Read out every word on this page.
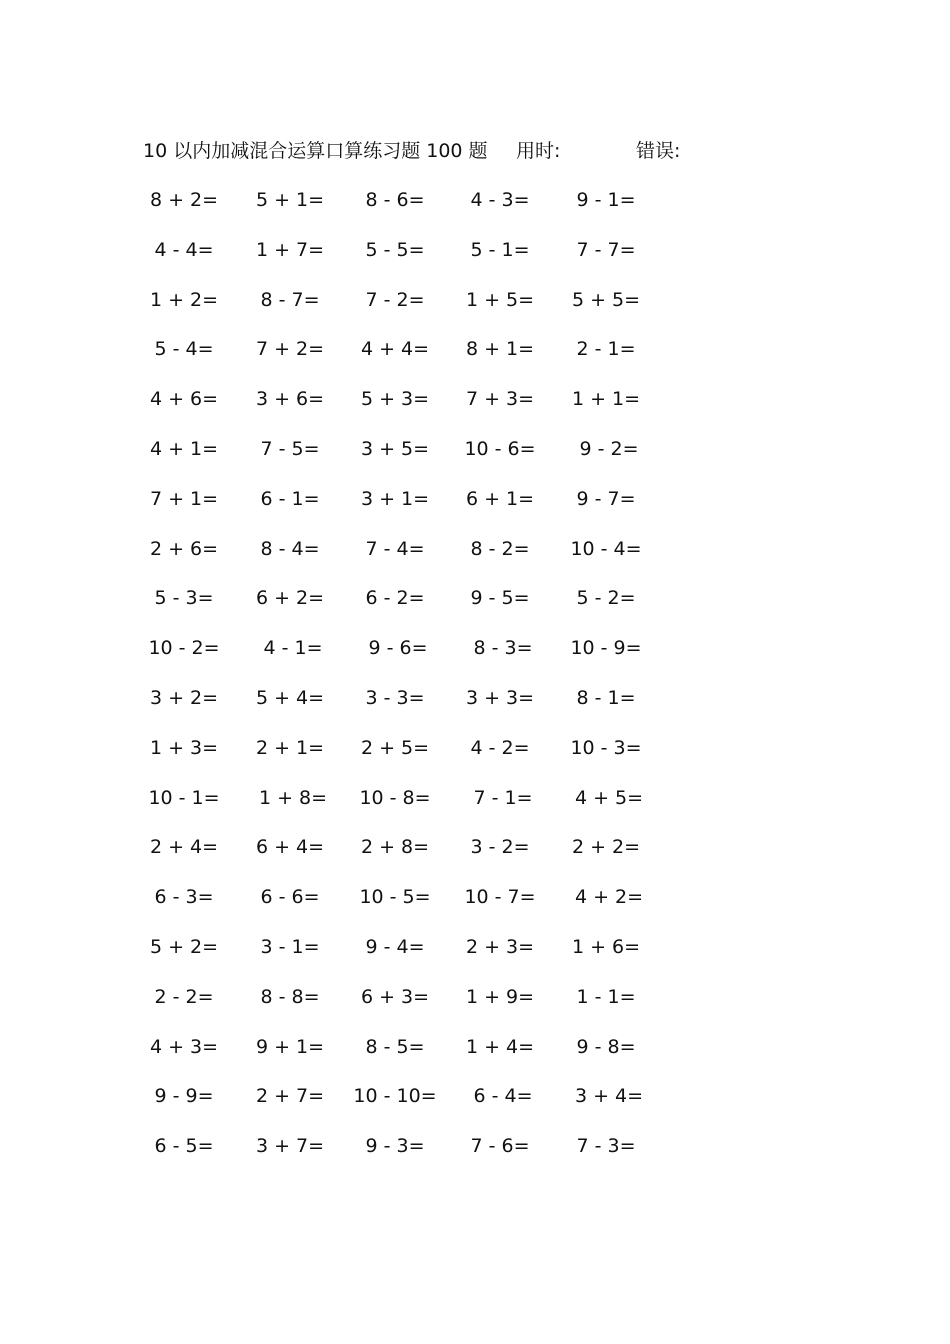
10 以内加减混合运算口算练习题 100 题 用时:	错误:
8 + 2=	5 + 1=	8 - 6=	4 - 3=	9 - 1=
4 - 4=	1 + 7=	5 - 5=	5 - 1=	7 - 7=
1 + 2=	8 - 7=	7 - 2=	1 + 5=	5 + 5=
5 - 4=	7 + 2=	4 + 4=	8 + 1=	2 - 1=
4 + 6=	3 + 6=	5 + 3=	7 + 3=	1 + 1=
4 + 1=	7 - 5=	3 + 5=	10 - 6=	9 - 2=
7 + 1=	6 - 1=	3 + 1=	6 + 1=	9 - 7=
2 + 6=	8 - 4=	7 - 4=	8 - 2=	10 - 4=
5 - 3=	6 + 2=	6 - 2=	9 - 5=	5 - 2=
10 - 2=	4 - 1=	9 - 6=	8 - 3=	10 - 9=
3 + 2=	5 + 4=	3 - 3=	3 + 3=	8 - 1=
1 + 3=	2 + 1=	2 + 5=	4 - 2=	10 - 3=
10 - 1=	1 + 8=	10 - 8=	7 - 1=	4 + 5=
2 + 4=	6 + 4=	2 + 8=	3 - 2=	2 + 2=
6 - 3=	6 - 6=	10 - 5=	10 - 7=	4 + 2=
5 + 2=	3 - 1=	9 - 4=	2 + 3=	1 + 6=
2 - 2=	8 - 8=	6 + 3=	1 + 9=	1 - 1=
4 + 3=	9 + 1=	8 - 5=	1 + 4=	9 - 8=
9 - 9=	2 + 7=	10 - 10=	6 - 4=	3 + 4=
6 - 5=	3 + 7=	9 - 3=	7 - 6=	7 - 3=
